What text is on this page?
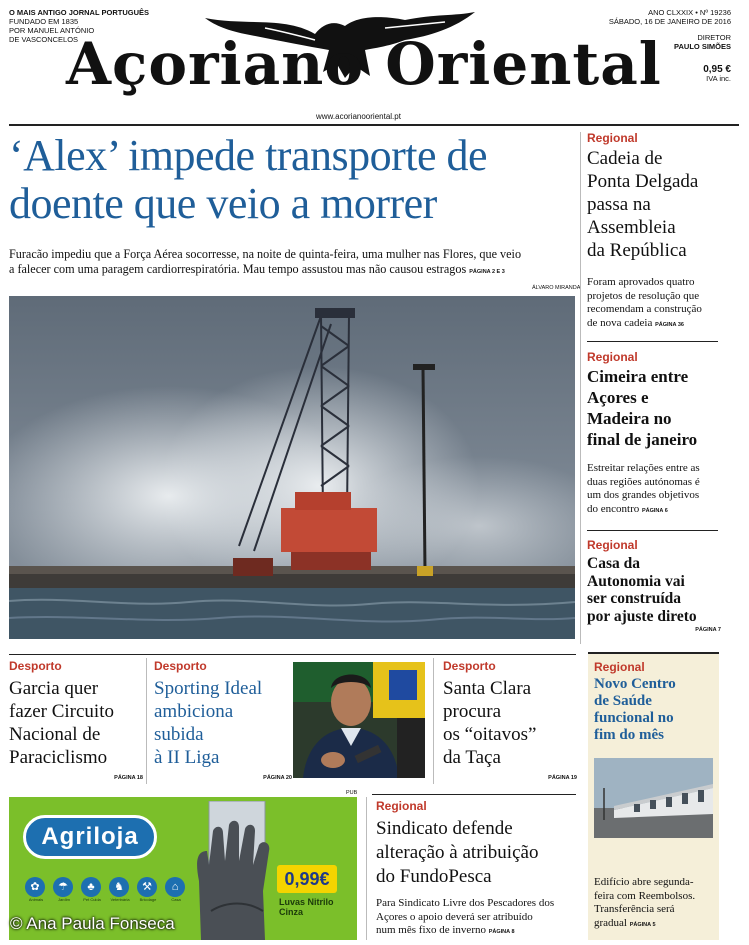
O MAIS ANTIGO JORNAL PORTUGUÊS
FUNDADO EM 1835
POR MANUEL ANTÓNIO
DE VASCONCELOS
Açoriano Oriental
ANO CLXXIX • Nº 19236
SÁBADO, 16 DE JANEIRO DE 2016
DIRETOR
PAULO SIMÕES
0,95 €
IVA inc.
www.acorianooriental.pt
‘Alex’ impede transporte de
doente que veio a morrer
Furacão impediu que a Força Aérea socorresse, na noite de quinta-feira, uma mulher nas Flores, que veio
a falecer com uma paragem cardiorrespiratória. Mau tempo assustou mas não causou estragos PÁGINA 2 E 3
ÁLVARO MIRANDA
Regional
Cadeia de
Ponta Delgada
passa na
Assembleia
da República
Foram aprovados quatro
projetos de resolução que
recomendam a construção
de nova cadeia PÁGINA 36
Regional
Cimeira entre
Açores e
Madeira no
final de janeiro
Estreitar relações entre as
duas regiões autónomas é
um dos grandes objetivos
do encontro PÁGINA 6
Regional
Casa da
Autonomia vai
ser construída
por ajuste direto
PÁGINA 7
Desporto
Garcia quer
fazer Circuito
Nacional de
Paraciclismo
PÁGINA 18
Desporto
Sporting Ideal
ambiciona
subida
à II Liga
PÁGINA 20
Desporto
Santa Clara
procura
os “oitavos”
da Taça
PÁGINA 19
Regional
Novo Centro
de Saúde
funcional no
fim do mês
Edifício abre segunda-
feira com Reembolsos.
Transferência será
gradual PÁGINA 5
PUB
Agriloja
✿
Animais
☂
Jardim
♣
Pet Cuida
♞
Veterinária
⚒
Bricolage
⌂
Casa
0,99€
Luvas Nitrilo
Cinza
Regional
Sindicato defende
alteração à atribuição
do FundoPesca
Para Sindicato Livre dos Pescadores dos
Açores o apoio deverá ser atribuído
num mês fixo de inverno PÁGINA 8
© Ana Paula Fonseca
